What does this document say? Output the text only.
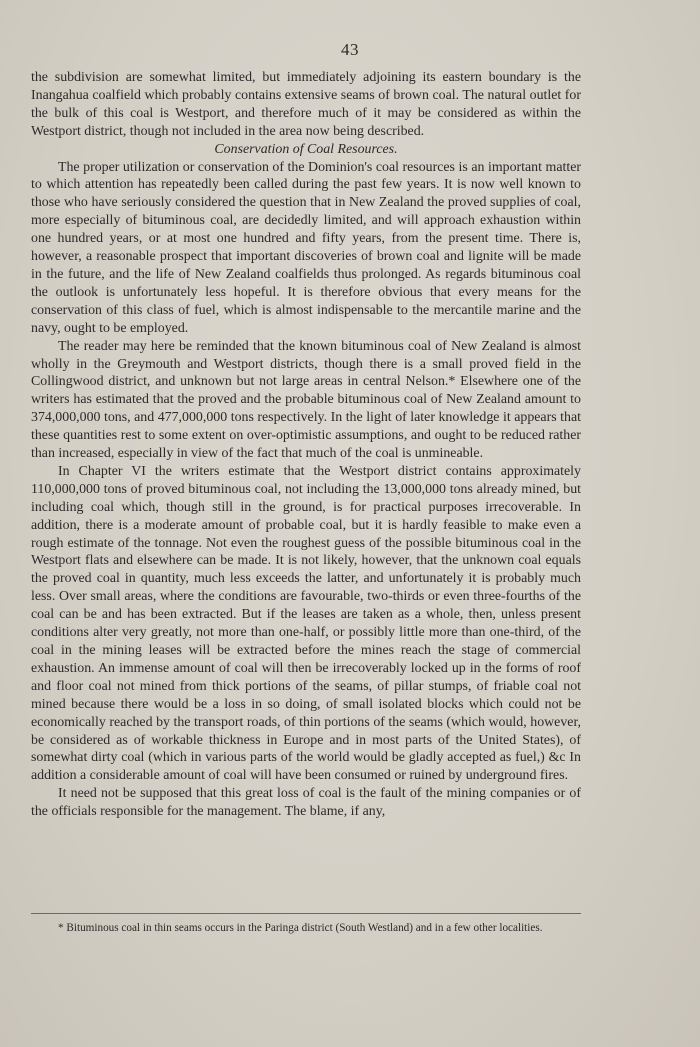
43

the subdivision are somewhat limited, but immediately adjoining its eastern boundary is the Inangahua coalfield which probably contains extensive seams of brown coal. The natural outlet for the bulk of this coal is Westport, and therefore much of it may be considered as within the Westport district, though not included in the area now being described.

Conservation of Coal Resources.

The proper utilization or conservation of the Dominion's coal resources is an important matter to which attention has repeatedly been called during the past few years. It is now well known to those who have seriously considered the question that in New Zealand the proved supplies of coal, more especially of bituminous coal, are decidedly limited, and will approach exhaustion within one hundred years, or at most one hundred and fifty years, from the present time. There is, however, a reasonable prospect that important discoveries of brown coal and lignite will be made in the future, and the life of New Zealand coalfields thus prolonged. As regards bituminous coal the outlook is unfortunately less hopeful. It is therefore obvious that every means for the conservation of this class of fuel, which is almost indispensable to the mercantile marine and the navy, ought to be employed.

The reader may here be reminded that the known bituminous coal of New Zealand is almost wholly in the Greymouth and Westport districts, though there is a small proved field in the Collingwood district, and unknown but not large areas in central Nelson.* Elsewhere one of the writers has estimated that the proved and the probable bituminous coal of New Zealand amount to 374,000,000 tons, and 477,000,000 tons respectively. In the light of later knowledge it appears that these quantities rest to some extent on over-optimistic assumptions, and ought to be reduced rather than increased, especially in view of the fact that much of the coal is unmineable.

In Chapter VI the writers estimate that the Westport district contains approximately 110,000,000 tons of proved bituminous coal, not including the 13,000,000 tons already mined, but including coal which, though still in the ground, is for practical purposes irrecoverable. In addition, there is a moderate amount of probable coal, but it is hardly feasible to make even a rough estimate of the tonnage. Not even the roughest guess of the possible bituminous coal in the Westport flats and elsewhere can be made. It is not likely, however, that the unknown coal equals the proved coal in quantity, much less exceeds the latter, and unfortunately it is probably much less. Over small areas, where the conditions are favourable, two-thirds or even three-fourths of the coal can be and has been extracted. But if the leases are taken as a whole, then, unless present conditions alter very greatly, not more than one-half, or possibly little more than one-third, of the coal in the mining leases will be extracted before the mines reach the stage of commercial exhaustion. An immense amount of coal will then be irrecoverably locked up in the forms of roof and floor coal not mined from thick portions of the seams, of pillar stumps, of friable coal not mined because there would be a loss in so doing, of small isolated blocks which could not be economically reached by the transport roads, of thin portions of the seams (which would, however, be considered as of workable thickness in Europe and in most parts of the United States), of somewhat dirty coal (which in various parts of the world would be gladly accepted as fuel,) &c In addition a considerable amount of coal will have been consumed or ruined by underground fires.

It need not be supposed that this great loss of coal is the fault of the mining companies or of the officials responsible for the management. The blame, if any,

* Bituminous coal in thin seams occurs in the Paringa district (South Westland) and in a few other localities.
